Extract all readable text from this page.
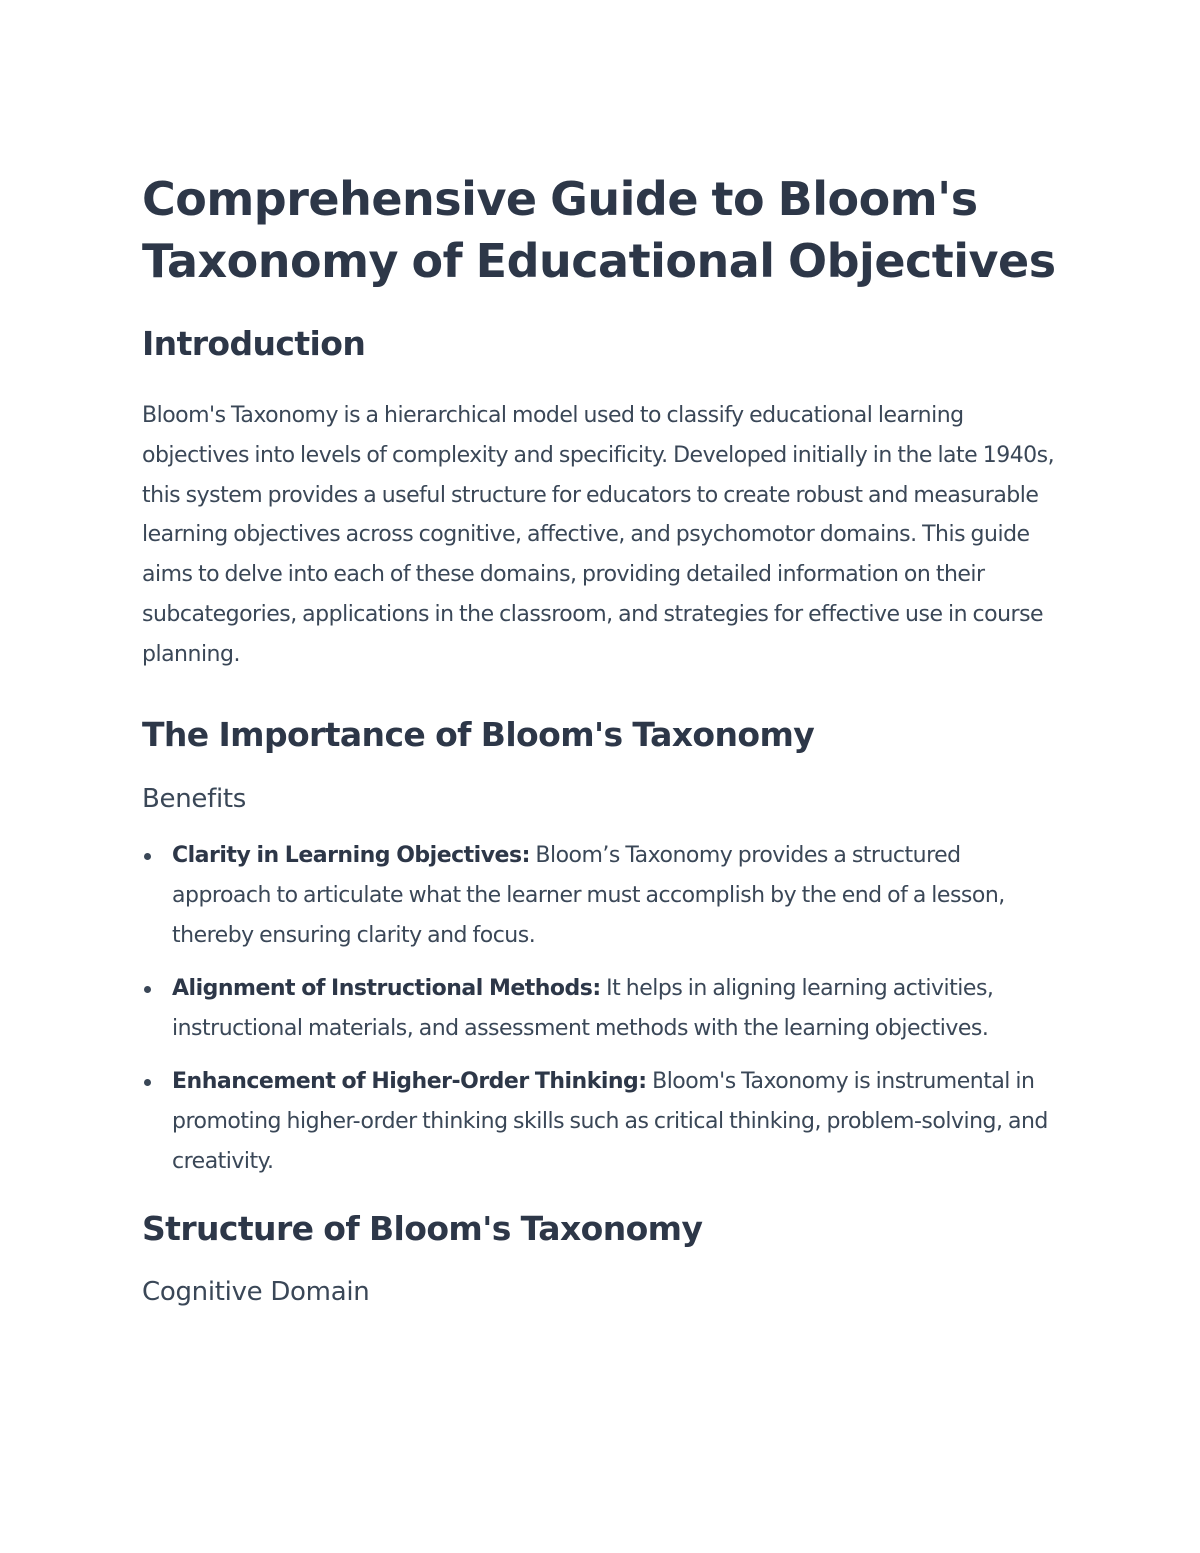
Comprehensive Guide to Bloom's Taxonomy of Educational Objectives
Introduction

Bloom's Taxonomy is a hierarchical model used to classify educational learning objectives into levels of complexity and specificity. Developed initially in the late 1940s, this system provides a useful structure for educators to create robust and measurable learning objectives across cognitive, affective, and psychomotor domains. This guide aims to delve into each of these domains, providing detailed information on their subcategories, applications in the classroom, and strategies for effective use in course planning.

The Importance of Bloom's Taxonomy
Benefits
Clarity in Learning Objectives: Bloom’s Taxonomy provides a structured approach to articulate what the learner must accomplish by the end of a lesson, thereby ensuring clarity and focus.
Alignment of Instructional Methods: It helps in aligning learning activities, instructional materials, and assessment methods with the learning objectives.
Enhancement of Higher-Order Thinking: Bloom's Taxonomy is instrumental in promoting higher-order thinking skills such as critical thinking, problem-solving, and creativity.
Structure of Bloom's Taxonomy
Cognitive Domain
